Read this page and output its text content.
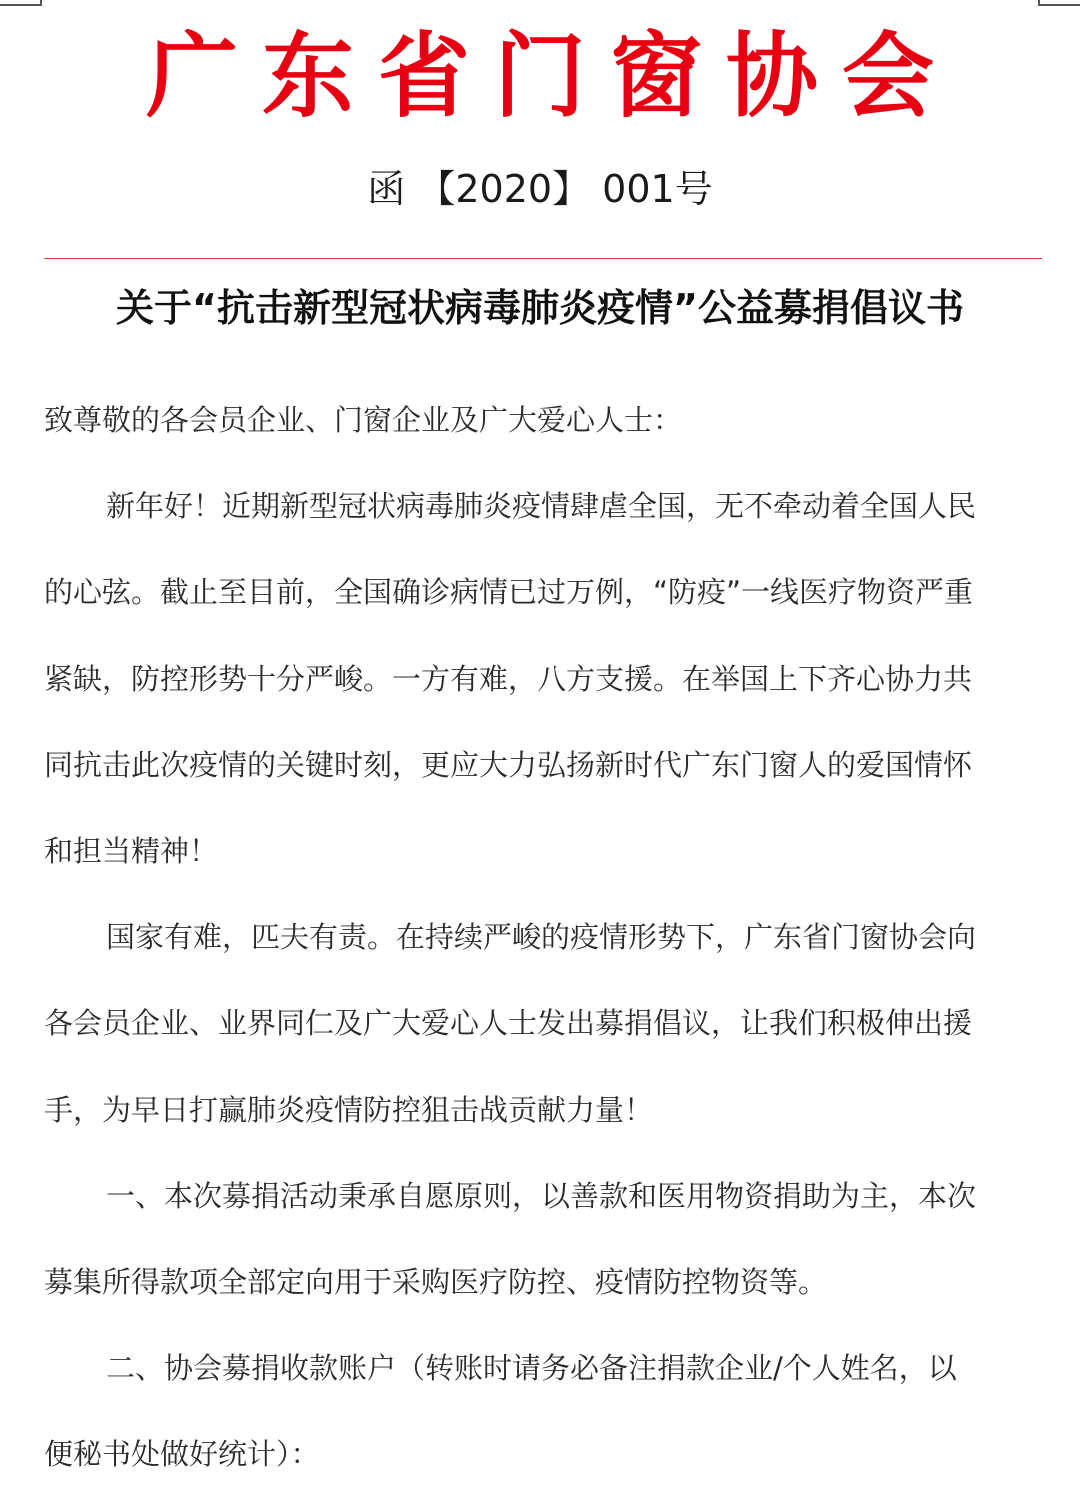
广东省门窗协会
函 【2020】 001号
关于“抗击新型冠状病毒肺炎疫情”公益募捐倡议书

致尊敬的各会员企业、门窗企业及广大爱心人士：

新年好！近期新型冠状病毒肺炎疫情肆虐全国，无不牵动着全国人民的心弦。截止至目前，全国确诊病情已过万例，“防疫”一线医疗物资严重紧缺，防控形势十分严峻。一方有难，八方支援。在举国上下齐心协力共同抗击此次疫情的关键时刻，更应大力弘扬新时代广东门窗人的爱国情怀和担当精神！

国家有难，匹夫有责。在持续严峻的疫情形势下，广东省门窗协会向各会员企业、业界同仁及广大爱心人士发出募捐倡议，让我们积极伸出援手，为早日打赢肺炎疫情防控狙击战贡献力量！

一、本次募捐活动秉承自愿原则，以善款和医用物资捐助为主，本次募集所得款项全部定向用于采购医疗防控、疫情防控物资等。

二、协会募捐收款账户（转账时请务必备注捐款企业/个人姓名，以便秘书处做好统计）：
